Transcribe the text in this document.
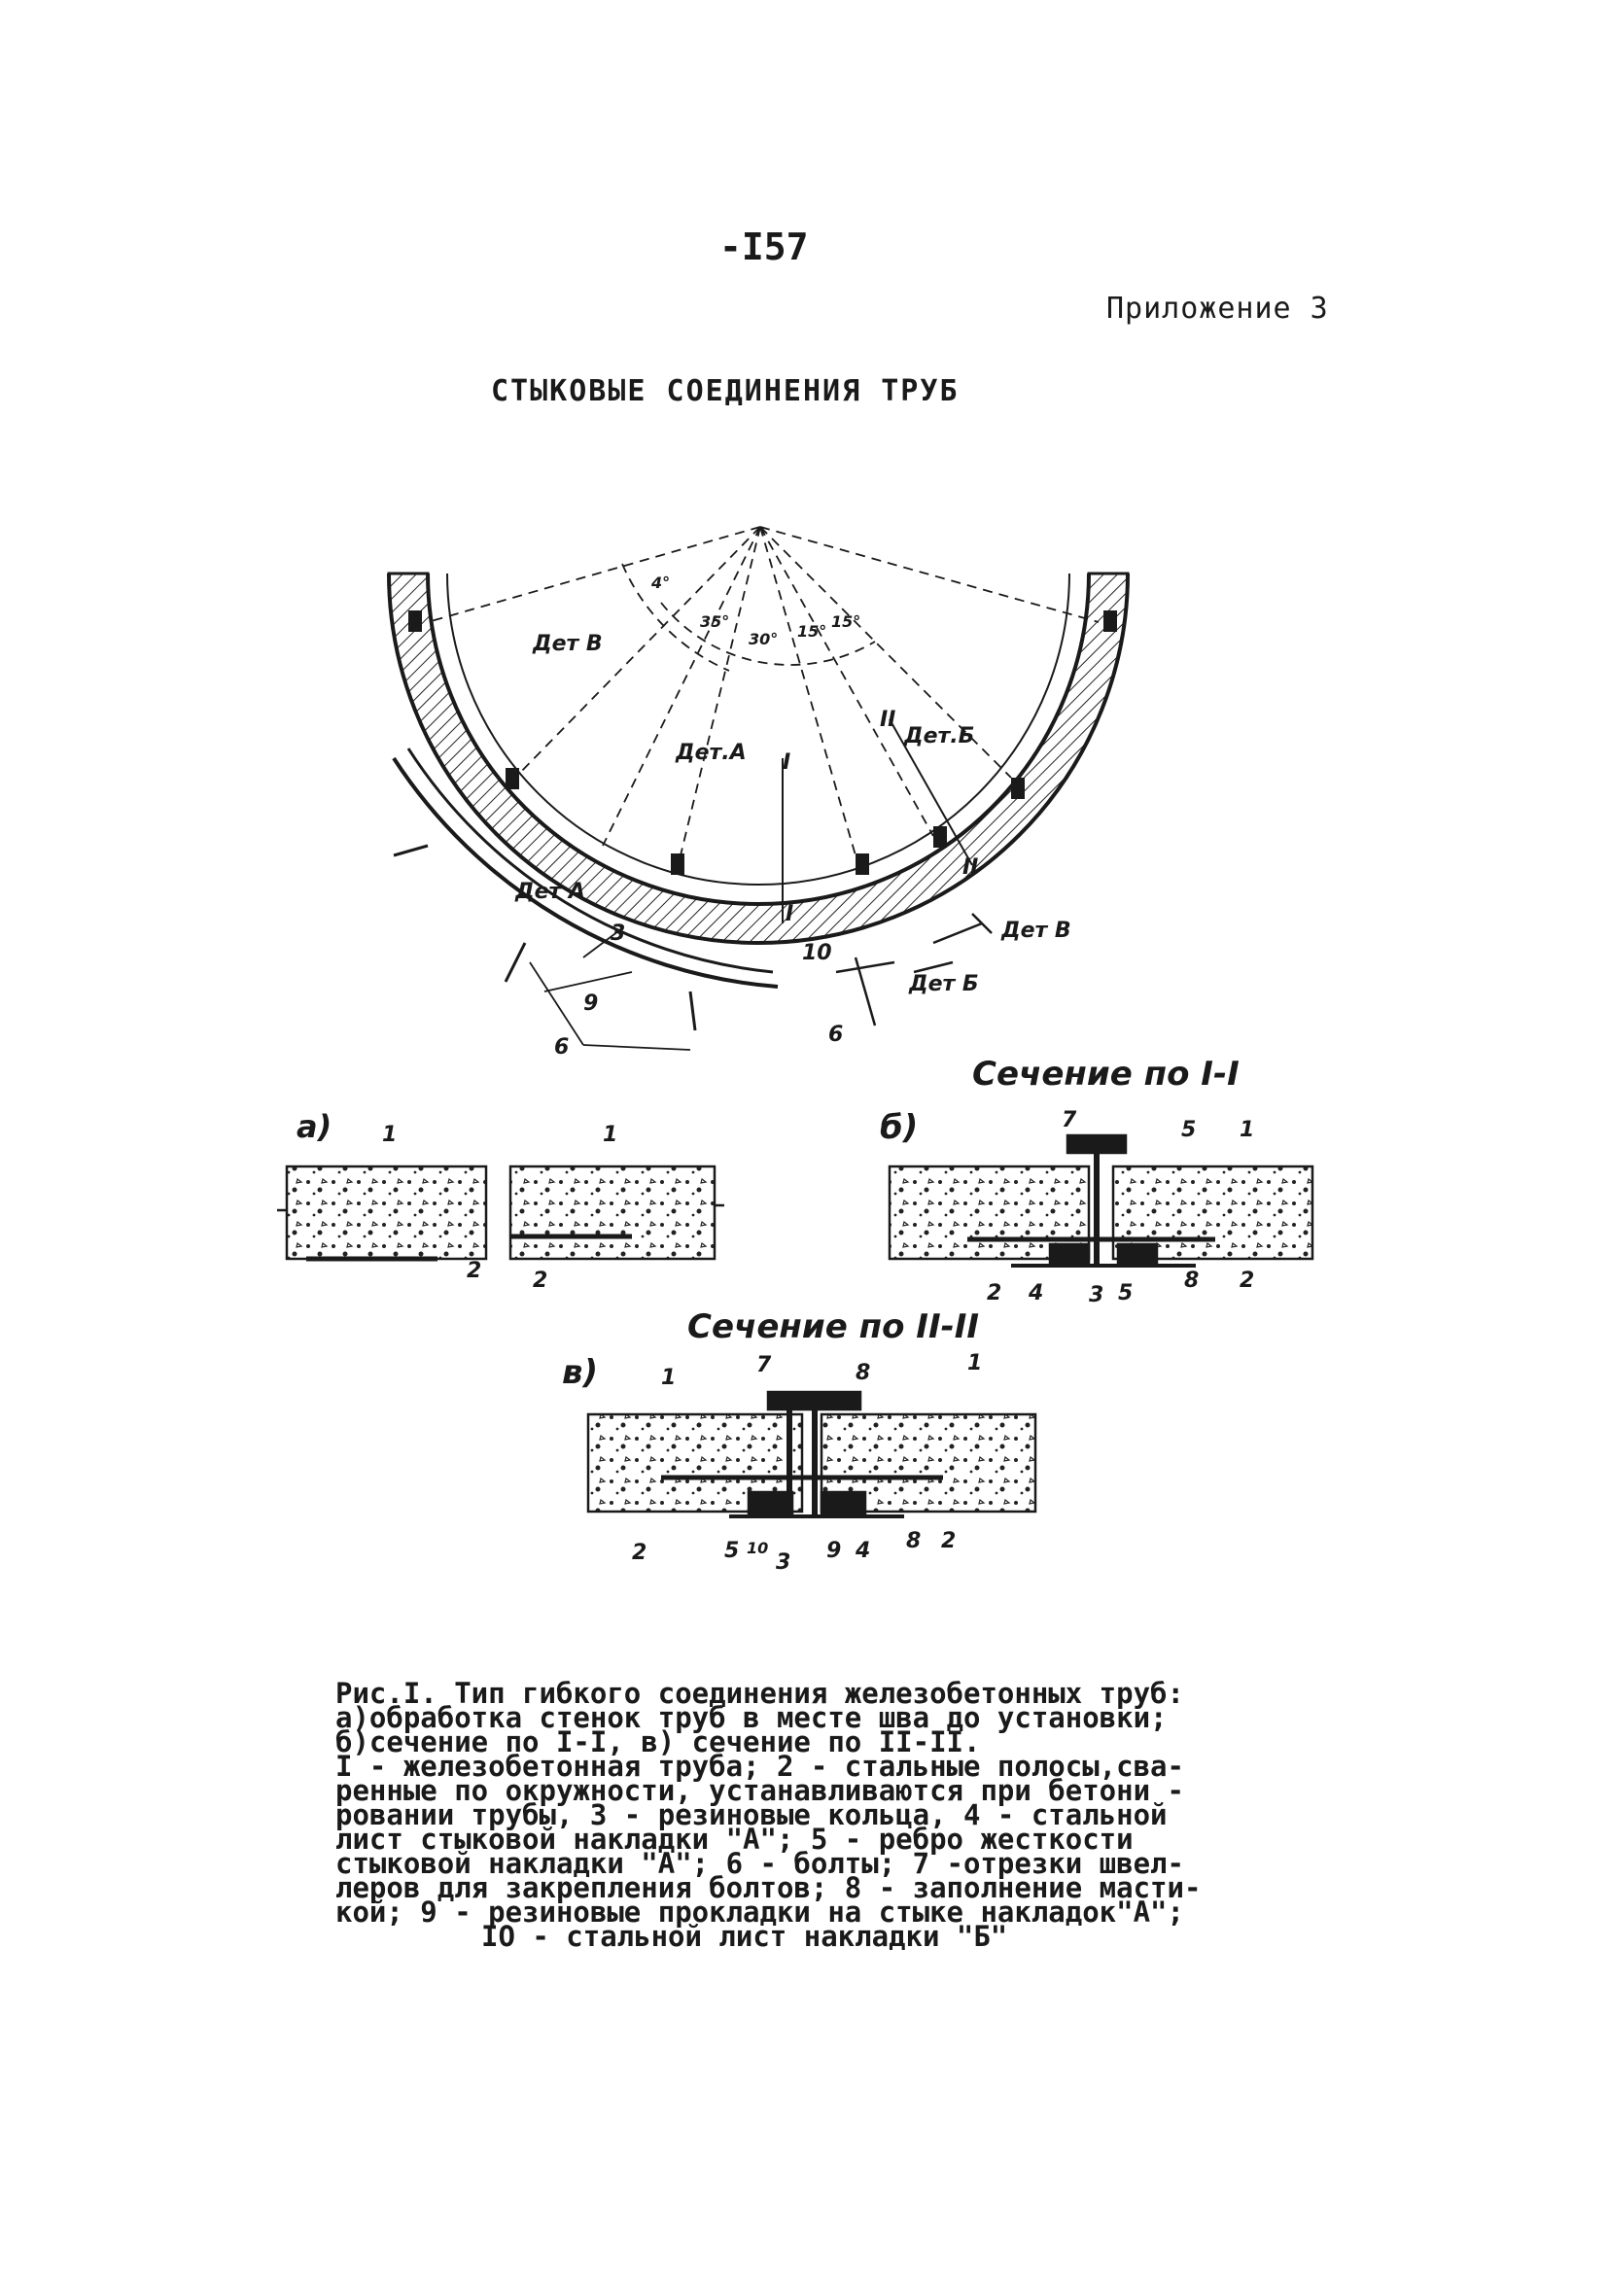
-I57
Приложение 3
СТЫКОВЫЕ СОЕДИНЕНИЯ ТРУБ
Дет В
Дет.А
Дет.Б
Дет А
Дет В
Дет Б
4°
35°
30° 15°
15°
I
I
II
II
3
9
6
10
6
Сечение по I-I
Сечение по II-II
а)	б)
в)
1
2
1
2
7	5 1
2 4 3 5
8 2
1
7	8	1
2	5 10
3 9 4 8 2
Рис.I. Тип гибкого соединения железобетонных труб:
а)обработка стенок труб в месте шва до установки;
б)сечение по I-I, в) сечение по II-II.
I - железобетонная труба; 2 - стальные полосы,сва-
ренные по окружности, устанавливаются при бетони -
ровании трубы, 3 - резиновые кольца, 4 - стальной
лист стыковой накладки "А"; 5 - ребро жесткости
стыковой накладки "А"; 6 - болты; 7 -отрезки швел-
леров для закрепления болтов; 8 - заполнение масти-
кой; 9 - резиновые прокладки на стыке накладок"А";
IO - стальной лист накладки "Б"
